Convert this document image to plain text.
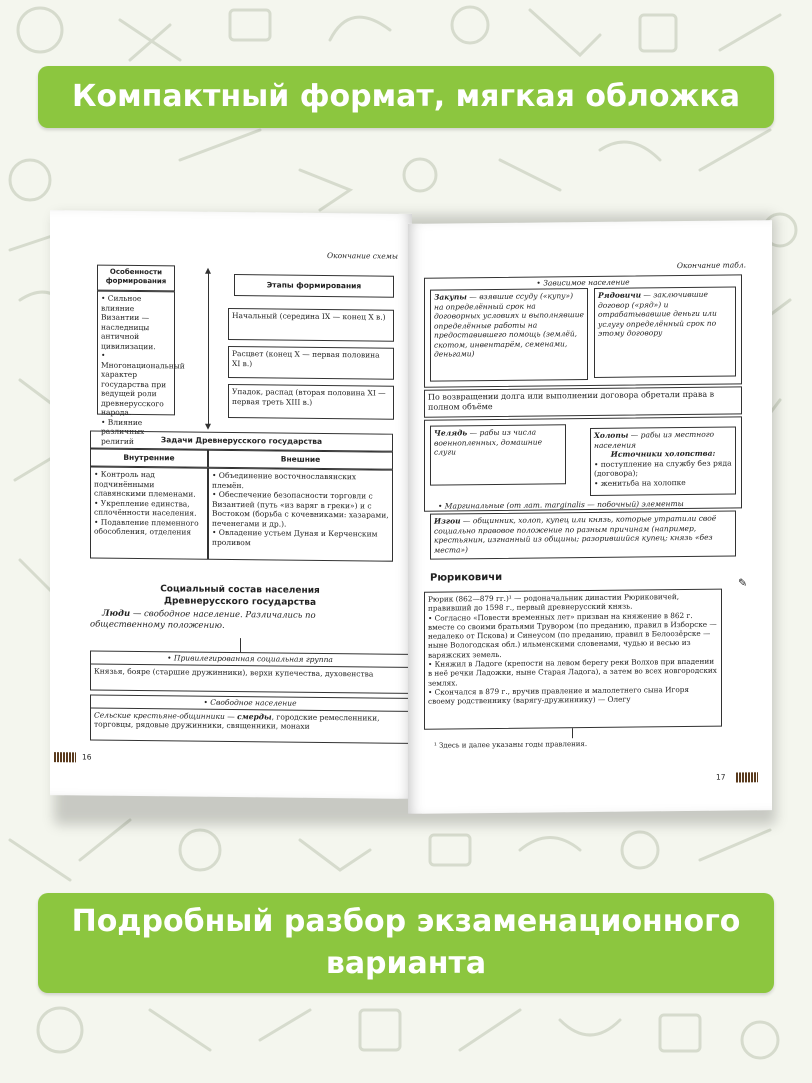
Компактный формат, мягкая обложка
Окончание схемы
Особенности формирования
• Сильное влияние Византии — наследницы античной цивилизации.
• Многонациональный характер государства при ведущей роли древнерусского народа.
• Влияние различных религий
Этапы формирования
Начальный (середина IX — конец X в.)
Расцвет (конец X — первая половина XI в.)
Упадок, распад (вторая половина XI — первая треть XIII в.)
Задачи Древнерусского государства
Внутренние	Внешние
• Контроль над подчинёнными славянскими племенами.
• Укрепление единства, сплочённости населения.
• Подавление племенного обособления, отделения
• Объединение восточнославянских племён.
• Обеспечение безопасности торговли с Византией (путь «из варяг в греки») и с Востоком (борьба с кочевниками: хазарами, печенегами и др.).
• Овладение устьем Дуная и Керченским проливом
Социальный состав населения
Древнерусского государства
Люди — свободное население. Различались по общественному положению.
• Привилегированная социальная группа
Князья, бояре (старшие дружинники), верхи купечества, духовенства
• Свободное население
Сельские крестьяне-общинники — смерды, городские ремесленники, торговцы, рядовые дружинники, священники, монахи
16
Окончание табл.
• Зависимое население
Закупы — взявшие ссуду («купу») на определённый срок на договорных условиях и выполнявшие определённые работы на предоставившего помощь (землёй, скотом, инвентарём, семенами, деньгами)
Рядовичи — заключившие договор («ряд») и отрабатывавшие деньги или услугу определённый срок по этому договору
По возвращении долга или выполнении договора обретали права в полном объёме
Челядь — рабы из числа военнопленных, домашние слуги
Холопы — рабы из местного населения
Источники холопства:
• поступление на службу без ряда (договора);
• женитьба на холопке
• Маргинальные (от лат. marginalis — побочный) элементы
Изгои — общинник, холоп, купец или князь, которые утратили своё социально правовое положение по разным причинам (например, крестьянин, изгнанный из общины; разорившийся купец; князь «без места»)
Рюриковичи	✎
Рюрик (862—879 гг.)¹ — родоначальник династии Рюриковичей, правивший до 1598 г., первый древнерусский князь.
• Согласно «Повести временных лет» призван на княжение в 862 г. вместе со своими братьями Трувором (по преданию, правил в Изборске — недалеко от Пскова) и Синеусом (по преданию, правил в Белоозёрске — ныне Вологодская обл.) ильменскими словенами, чудью и весью из варяжских земель.
• Княжил в Ладоге (крепости на левом берегу реки Волхов при впадении в неё речки Ладожки, ныне Старая Ладога), а затем во всех новгородских землях.
• Скончался в 879 г., вручив правление и малолетнего сына Игоря своему родственнику (варягу-дружиннику) — Олегу
¹ Здесь и далее указаны годы правления.
17
Подробный разбор экзаменационного
варианта
